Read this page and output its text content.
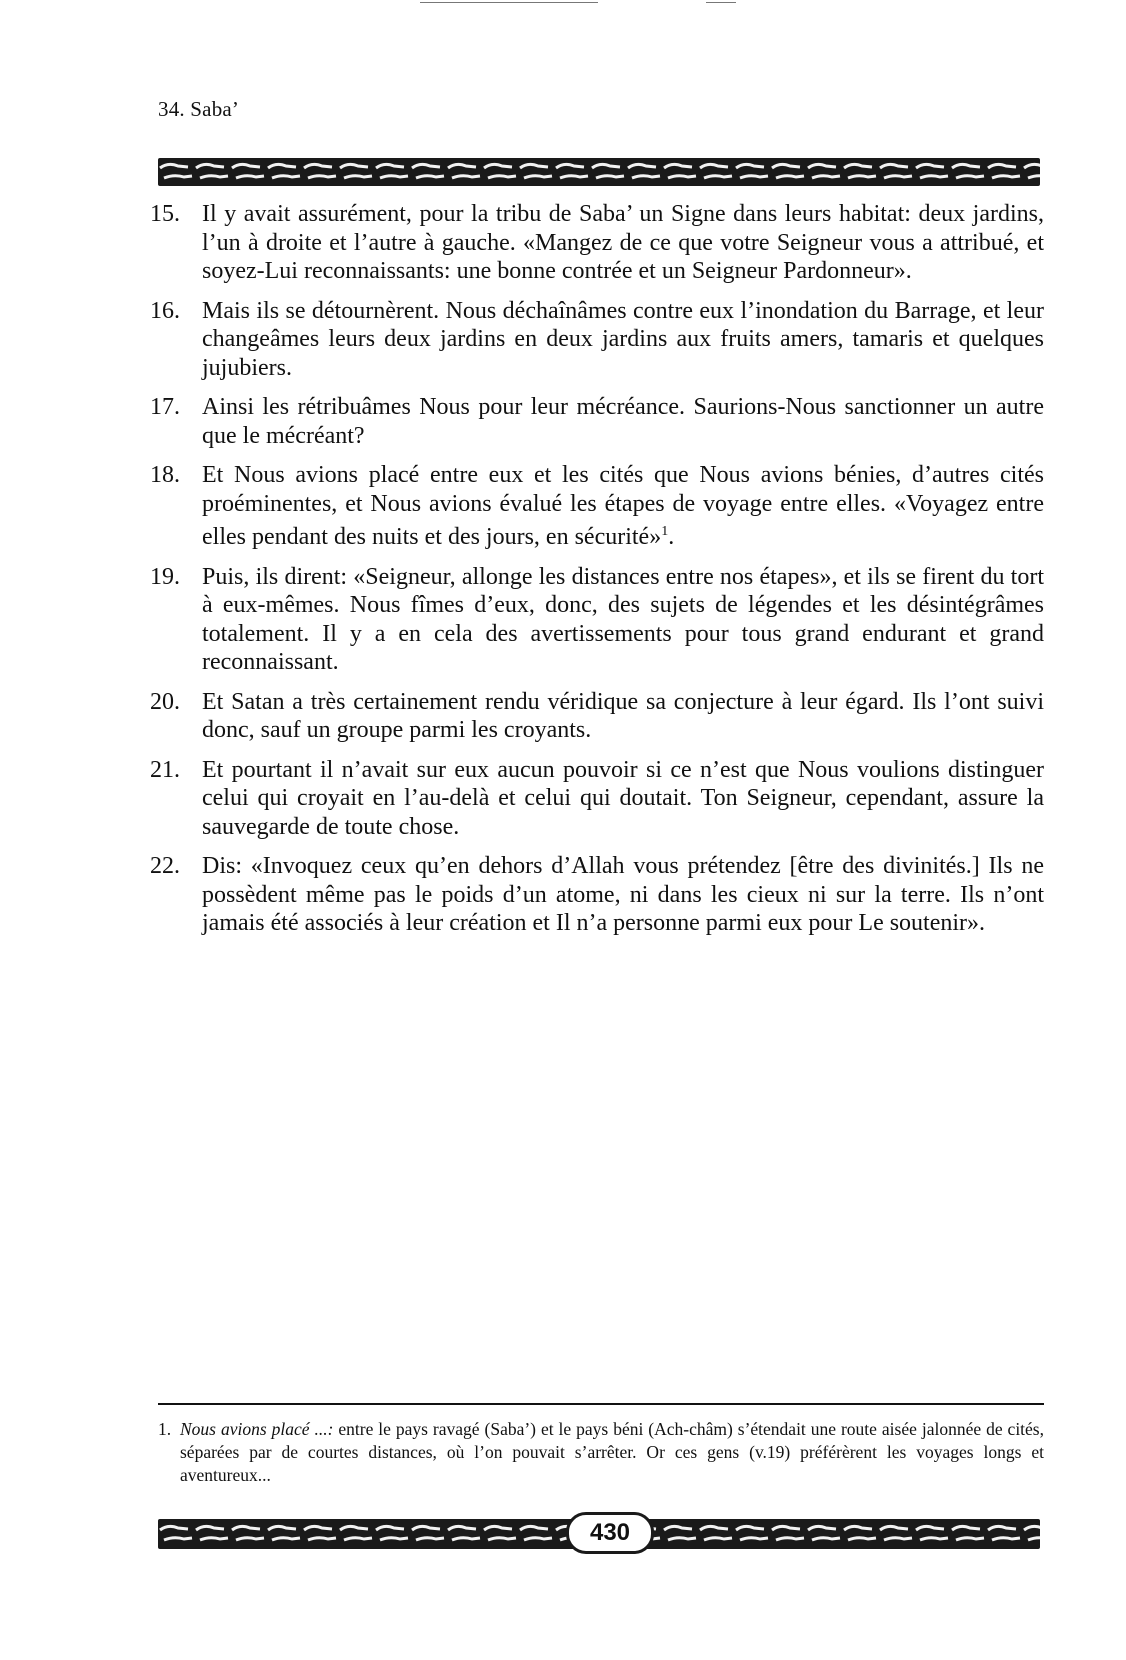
34. Saba’
15. Il y avait assurément, pour la tribu de Saba’ un Signe dans leurs habitat: deux jardins, l’un à droite et l’autre à gauche. «Mangez de ce que votre Seigneur vous a attribué, et soyez-Lui reconnaissants: une bonne contrée et un Seigneur Pardonneur».
16. Mais ils se détournèrent. Nous déchaînâmes contre eux l’inondation du Barrage, et leur changeâmes leurs deux jardins en deux jardins aux fruits amers, tamaris et quelques jujubiers.
17. Ainsi les rétribuâmes Nous pour leur mécréance. Saurions-Nous sanctionner un autre que le mécréant?
18. Et Nous avions placé entre eux et les cités que Nous avions bénies, d’autres cités proéminentes, et Nous avions évalué les étapes de voyage entre elles. «Voyagez entre elles pendant des nuits et des jours, en sécurité»$^1$.
19. Puis, ils dirent: «Seigneur, allonge les distances entre nos étapes», et ils se firent du tort à eux-mêmes. Nous fîmes d’eux, donc, des sujets de légendes et les désintégrâmes totalement. Il y a en cela des avertissements pour tous grand endurant et grand reconnaissant.
20. Et Satan a très certainement rendu véridique sa conjecture à leur égard. Ils l’ont suivi donc, sauf un groupe parmi les croyants.
21. Et pourtant il n’avait sur eux aucun pouvoir si ce n’est que Nous voulions distinguer celui qui croyait en l’au-delà et celui qui doutait. Ton Seigneur, cependant, assure la sauvegarde de toute chose.
22. Dis: «Invoquez ceux qu’en dehors d’Allah vous prétendez [être des divinités.] Ils ne possèdent même pas le poids d’un atome, ni dans les cieux ni sur la terre. Ils n’ont jamais été associés à leur création et Il n’a personne parmi eux pour Le soutenir».
1. Nous avions placé ...: entre le pays ravagé (Saba’) et le pays béni (Ach-châm) s’étendait une route aisée jalonnée de cités, séparées par de courtes distances, où l’on pouvait s’arrêter. Or ces gens (v.19) préférèrent les voyages longs et aventureux...
430
